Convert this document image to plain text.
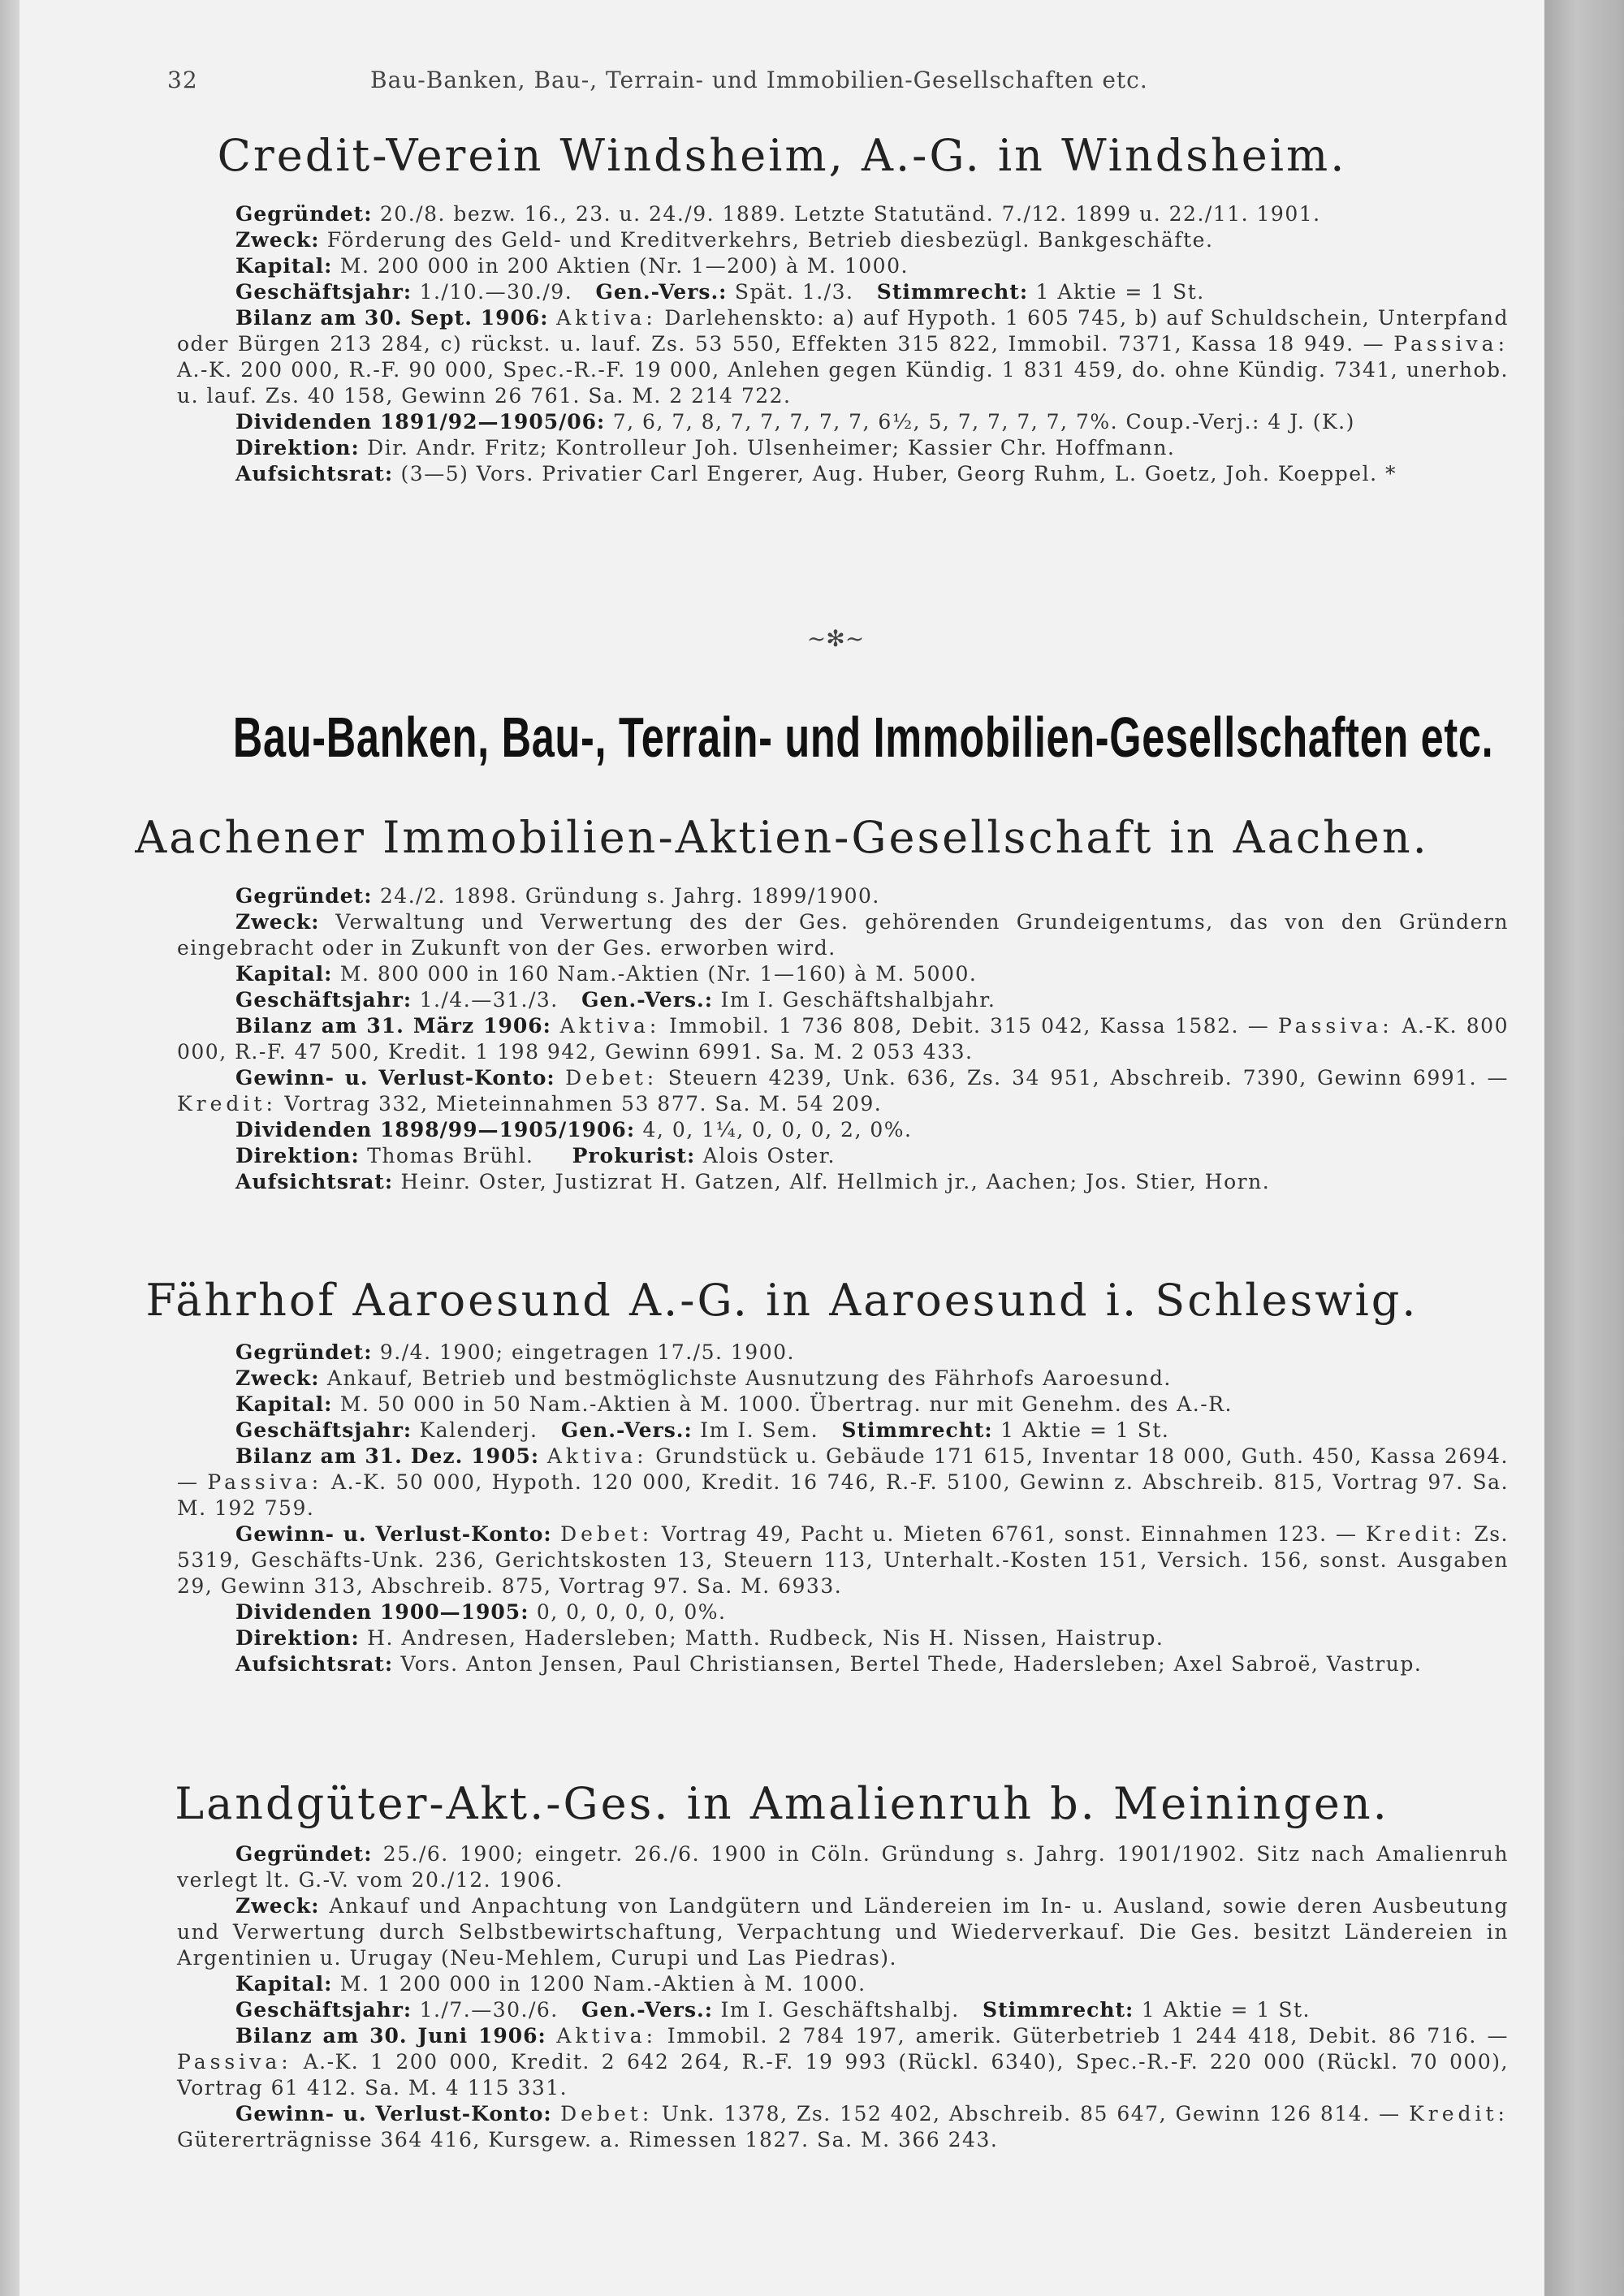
32	Bau-Banken, Bau-, Terrain- und Immobilien-Gesellschaften etc.
Credit-Verein Windsheim, A.-G. in Windsheim.

Gegründet: 20./8. bezw. 16., 23. u. 24./9. 1889. Letzte Statutänd. 7./12. 1899 u. 22./11. 1901.

Zweck: Förderung des Geld- und Kreditverkehrs, Betrieb diesbezügl. Bankgeschäfte.

Kapital: M. 200 000 in 200 Aktien (Nr. 1—200) à M. 1000.

Geschäftsjahr: 1./10.—30./9. Gen.-Vers.: Spät. 1./3. Stimmrecht: 1 Aktie = 1 St.

Bilanz am 30. Sept. 1906: Aktiva: Darlehenskto: a) auf Hypoth. 1 605 745, b) auf Schuldschein, Unterpfand oder Bürgen 213 284, c) rückst. u. lauf. Zs. 53 550, Effekten 315 822, Immobil. 7371, Kassa 18 949. — Passiva: A.-K. 200 000, R.-F. 90 000, Spec.-R.-F. 19 000, Anlehen gegen Kündig. 1 831 459, do. ohne Kündig. 7341, unerhob. u. lauf. Zs. 40 158, Gewinn 26 761. Sa. M. 2 214 722.

Dividenden 1891/92—1905/06: 7, 6, 7, 8, 7, 7, 7, 7, 7, 6½, 5, 7, 7, 7, 7, 7%. Coup.-Verj.: 4 J. (K.)

Direktion: Dir. Andr. Fritz; Kontrolleur Joh. Ulsenheimer; Kassier Chr. Hoffmann.

Aufsichtsrat: (3—5) Vors. Privatier Carl Engerer, Aug. Huber, Georg Ruhm, L. Goetz, Joh. Koeppel. *

~✻~
Bau-Banken, Bau-, Terrain- und Immobilien-Gesellschaften etc.
Aachener Immobilien-Aktien-Gesellschaft in Aachen.

Gegründet: 24./2. 1898. Gründung s. Jahrg. 1899/1900.

Zweck: Verwaltung und Verwertung des der Ges. gehörenden Grundeigentums, das von den Gründern eingebracht oder in Zukunft von der Ges. erworben wird.

Kapital: M. 800 000 in 160 Nam.-Aktien (Nr. 1—160) à M. 5000.

Geschäftsjahr: 1./4.—31./3. Gen.-Vers.: Im I. Geschäftshalbjahr.

Bilanz am 31. März 1906: Aktiva: Immobil. 1 736 808, Debit. 315 042, Kassa 1582. — Passiva: A.-K. 800 000, R.-F. 47 500, Kredit. 1 198 942, Gewinn 6991. Sa. M. 2 053 433.

Gewinn- u. Verlust-Konto: Debet: Steuern 4239, Unk. 636, Zs. 34 951, Abschreib. 7390, Gewinn 6991. — Kredit: Vortrag 332, Mieteinnahmen 53 877. Sa. M. 54 209.

Dividenden 1898/99—1905/1906: 4, 0, 1¼, 0, 0, 0, 2, 0%.

Direktion: Thomas Brühl. Prokurist: Alois Oster.

Aufsichtsrat: Heinr. Oster, Justizrat H. Gatzen, Alf. Hellmich jr., Aachen; Jos. Stier, Horn.

Fährhof Aaroesund A.-G. in Aaroesund i. Schleswig.

Gegründet: 9./4. 1900; eingetragen 17./5. 1900.

Zweck: Ankauf, Betrieb und bestmöglichste Ausnutzung des Fährhofs Aaroesund.

Kapital: M. 50 000 in 50 Nam.-Aktien à M. 1000. Übertrag. nur mit Genehm. des A.-R.

Geschäftsjahr: Kalenderj. Gen.-Vers.: Im I. Sem. Stimmrecht: 1 Aktie = 1 St.

Bilanz am 31. Dez. 1905: Aktiva: Grundstück u. Gebäude 171 615, Inventar 18 000, Guth. 450, Kassa 2694. — Passiva: A.-K. 50 000, Hypoth. 120 000, Kredit. 16 746, R.-F. 5100, Gewinn z. Abschreib. 815, Vortrag 97. Sa. M. 192 759.

Gewinn- u. Verlust-Konto: Debet: Vortrag 49, Pacht u. Mieten 6761, sonst. Einnahmen 123. — Kredit: Zs. 5319, Geschäfts-Unk. 236, Gerichtskosten 13, Steuern 113, Unterhalt.-Kosten 151, Versich. 156, sonst. Ausgaben 29, Gewinn 313, Abschreib. 875, Vortrag 97. Sa. M. 6933.

Dividenden 1900—1905: 0, 0, 0, 0, 0, 0%.

Direktion: H. Andresen, Hadersleben; Matth. Rudbeck, Nis H. Nissen, Haistrup.

Aufsichtsrat: Vors. Anton Jensen, Paul Christiansen, Bertel Thede, Hadersleben; Axel Sabroë, Vastrup.

Landgüter-Akt.-Ges. in Amalienruh b. Meiningen.

Gegründet: 25./6. 1900; eingetr. 26./6. 1900 in Cöln. Gründung s. Jahrg. 1901/1902. Sitz nach Amalienruh verlegt lt. G.-V. vom 20./12. 1906.

Zweck: Ankauf und Anpachtung von Landgütern und Ländereien im In- u. Ausland, sowie deren Ausbeutung und Verwertung durch Selbstbewirtschaftung, Verpachtung und Wiederverkauf. Die Ges. besitzt Ländereien in Argentinien u. Urugay (Neu-Mehlem, Curupi und Las Piedras).

Kapital: M. 1 200 000 in 1200 Nam.-Aktien à M. 1000.

Geschäftsjahr: 1./7.—30./6. Gen.-Vers.: Im I. Geschäftshalbj. Stimmrecht: 1 Aktie = 1 St.

Bilanz am 30. Juni 1906: Aktiva: Immobil. 2 784 197, amerik. Güterbetrieb 1 244 418, Debit. 86 716. — Passiva: A.-K. 1 200 000, Kredit. 2 642 264, R.-F. 19 993 (Rückl. 6340), Spec.-R.-F. 220 000 (Rückl. 70 000), Vortrag 61 412. Sa. M. 4 115 331.

Gewinn- u. Verlust-Konto: Debet: Unk. 1378, Zs. 152 402, Abschreib. 85 647, Gewinn 126 814. — Kredit: Gütererträgnisse 364 416, Kursgew. a. Rimessen 1827. Sa. M. 366 243.
